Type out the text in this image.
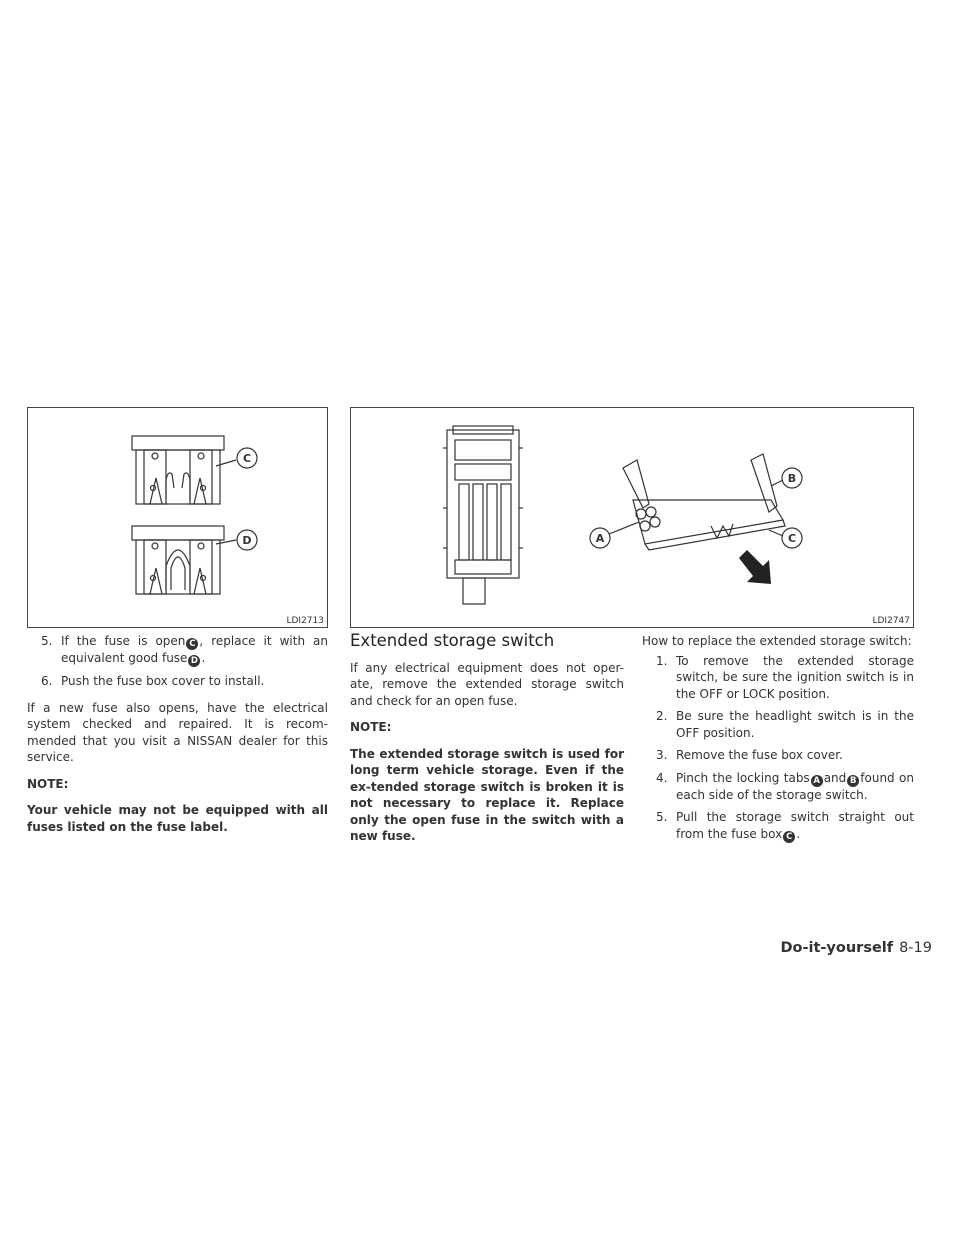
C
D
LDI2713
A
B
C
LDI2747
5. If the fuse is open C , replace it with an equivalent good fuse D .
6. Push the fuse box cover to install.

If a new fuse also opens, have the electrical system checked and repaired. It is recom-mended that you visit a NISSAN dealer for this service.

NOTE:
Your vehicle may not be equipped with all fuses listed on the fuse label.
Extended storage switch

If any electrical equipment does not oper-ate, remove the extended storage switch and check for an open fuse.

NOTE:
The extended storage switch is used for long term vehicle storage. Even if the ex-tended storage switch is broken it is not necessary to replace it. Replace only the open fuse in the switch with a new fuse.

How to replace the extended storage switch:

1. To remove the extended storage switch, be sure the ignition switch is in the OFF or LOCK position.
2. Be sure the headlight switch is in the OFF position.
3. Remove the fuse box cover.
4. Pinch the locking tabs A and B found on each side of the storage switch.
5. Pull the storage switch straight out from the fuse box C .
Do-it-yourself 8-19
